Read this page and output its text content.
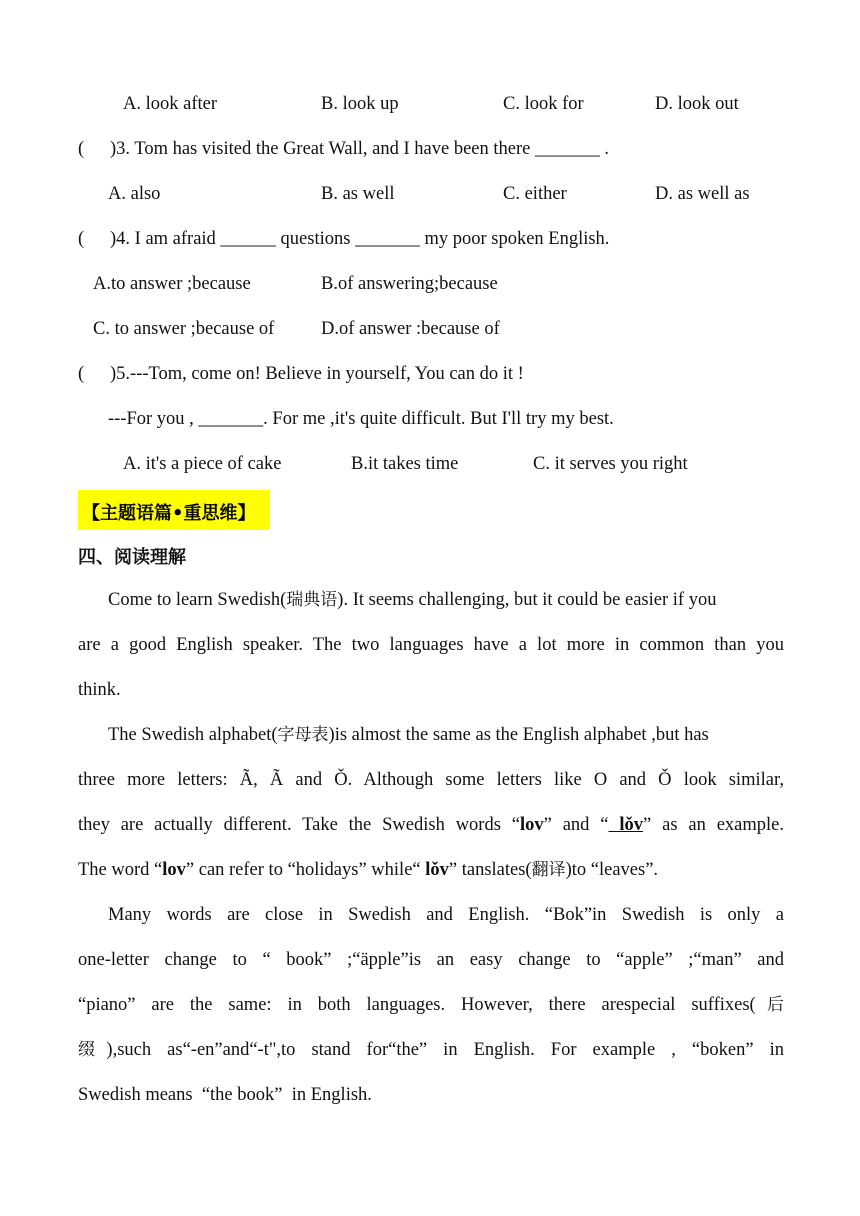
A. look after	B. look up	C. look for	D. look out
( )3. Tom has visited the Great Wall, and I have been there _______ .
A. also	B. as well	C. either	D. as well as
( )4. I am afraid ______ questions _______ my poor spoken English.
A.to answer ;because	B.of answering;because
C. to answer ;because of	D.of answer :because of
( )5.---Tom, come on! Believe in yourself, You can do it !
---For you , _______. For me ,it's quite difficult. But I'll try my best.
A. it's a piece of cake	B.it takes time	C. it serves you right
【主题语篇•重思维】
四、阅读理解
Come to learn Swedish(瑞典语). It seems challenging, but it could be easier if you
are a good English speaker. The two languages have a lot more in common than you
think.
The Swedish alphabet(字母表)is almost the same as the English alphabet ,but has
three more letters: Ã, Ã and Ǒ. Although some letters like O and Ǒ look similar,
they are actually different. Take the Swedish words “lov” and “ lǒv” as an example.
The word “lov” can refer to “holidays” while“ lǒv” tanslates(翻译)to “leaves”.
Many words are close in Swedish and English. “Bok”in Swedish is only a
one-letter change to “ book” ;“äpple”is an easy change to “apple” ;“man” and
“piano” are the same: in both languages. However, there arespecial suffixes(后
缀),such as“-en”and“-t",to stand for“the” in English. For example , “boken” in
Swedish means  “the book”  in English.
